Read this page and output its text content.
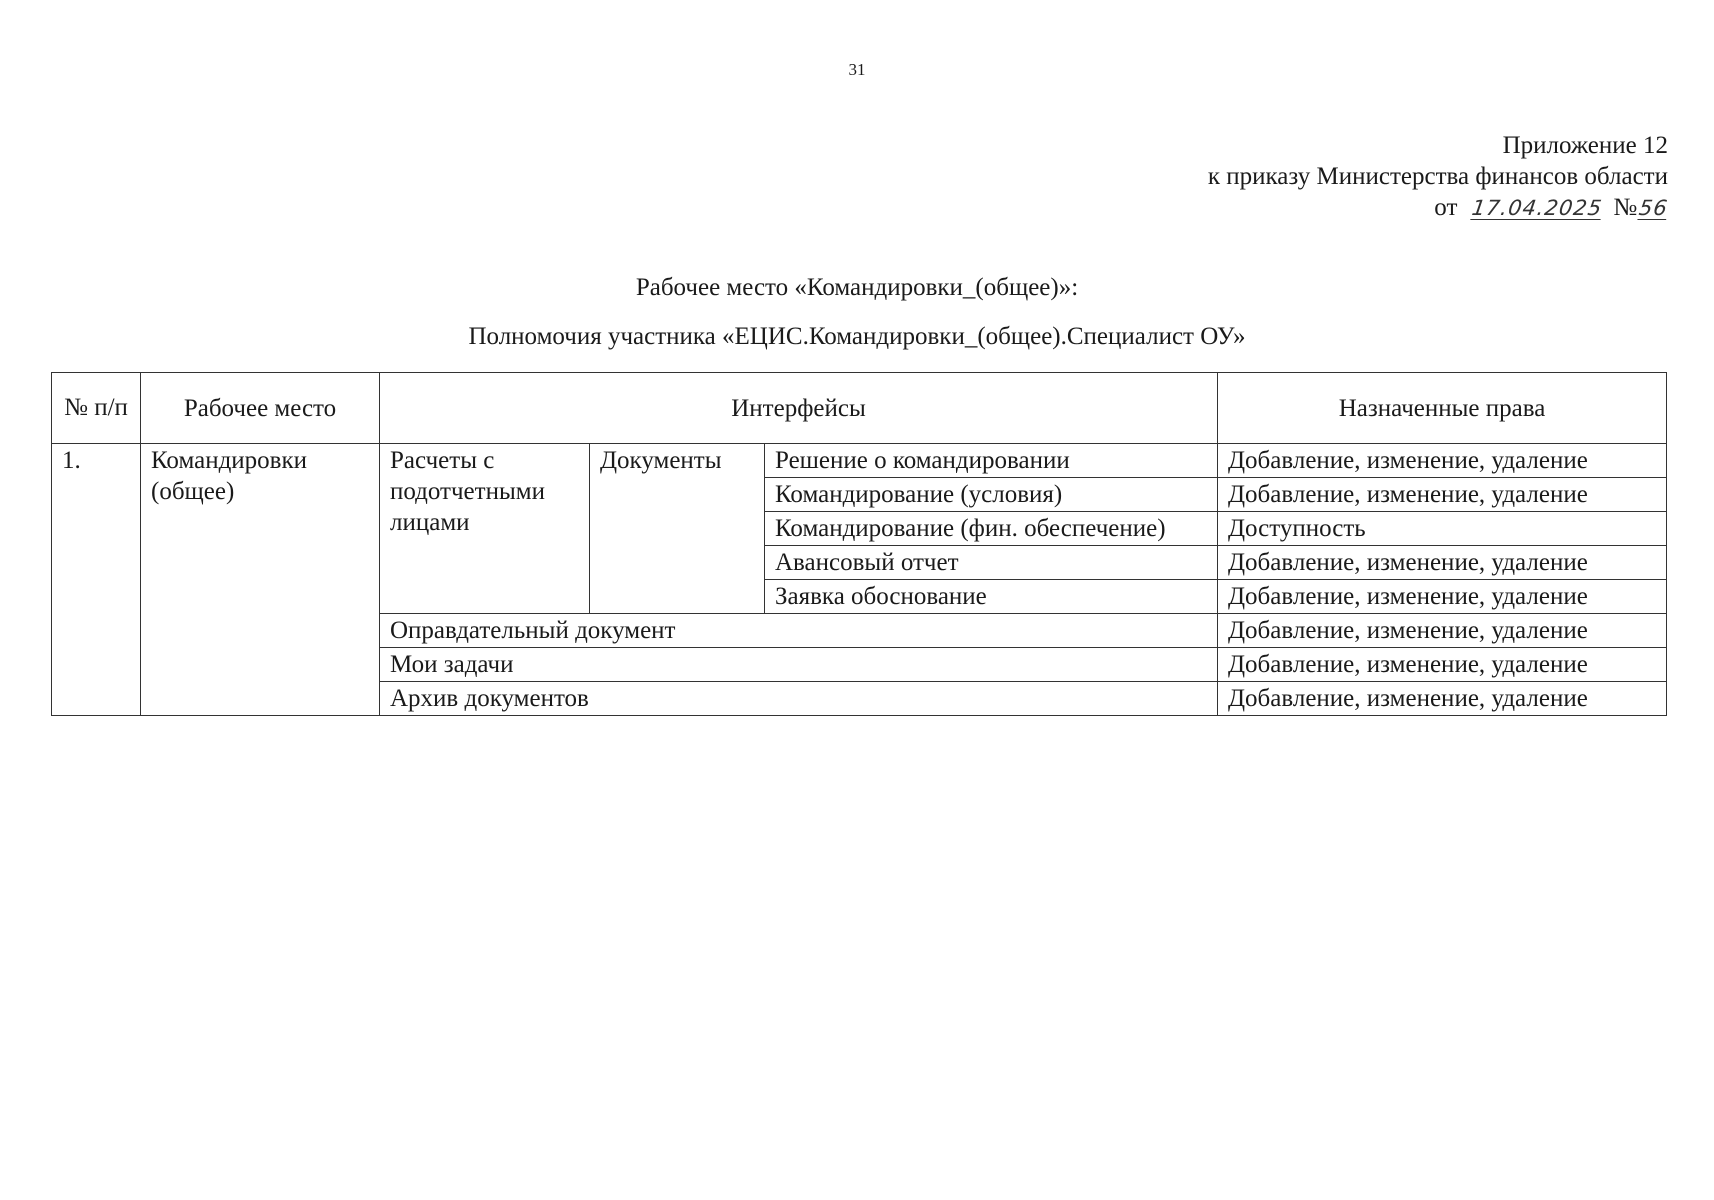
31
Приложение 12
к приказу Министерства финансов области
от 17.04.2025 №56
Рабочее место «Командировки_(общее)»:
Полномочия участника «ЕЦИС.Командировки_(общее).Специалист ОУ»
№ п/п	Рабочее место	Интерфейсы			Назначенные права
1.	Командировки (общее)	Расчеты с подотчетными лицами	Документы	Решение о командировании	Добавление, изменение, удаление
				Командирование (условия)	Добавление, изменение, удаление
				Командирование (фин. обеспечение)	Доступность
				Авансовый отчет	Добавление, изменение, удаление
				Заявка обоснование	Добавление, изменение, удаление
		Оправдательный документ			Добавление, изменение, удаление
		Мои задачи			Добавление, изменение, удаление
		Архив документов			Добавление, изменение, удаление
